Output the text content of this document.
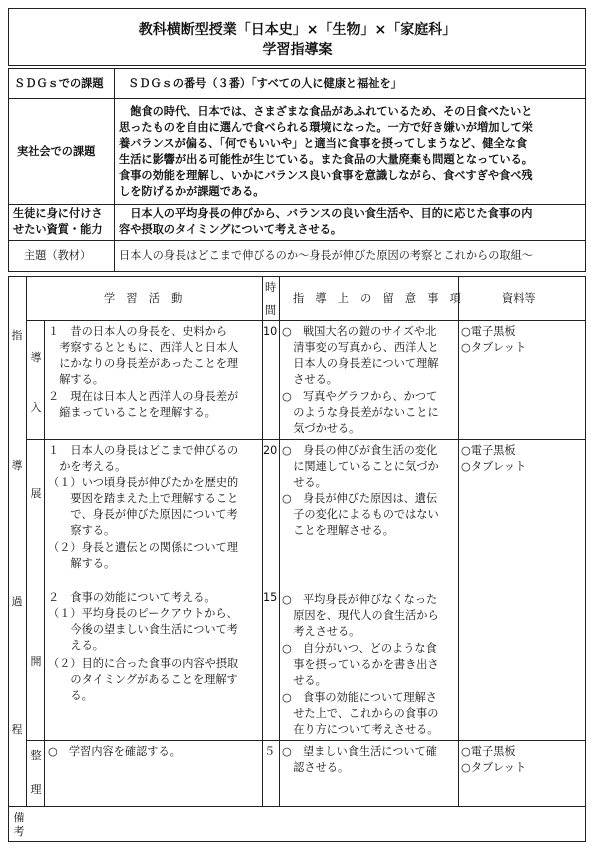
教科横断型授業「日本史」×「生物」×「家庭科」
学習指導案
ＳＤＧｓでの課題 ＳＤＧｓの番号（３番）「すべての人に健康と福祉を」
実社会での課題
　飽食の時代、日本では、さまざまな食品があふれているため、その日食べたいと
思ったものを自由に選んで食べられる環境になった。一方で好き嫌いが増加して栄
養バランスが偏る、「何でもいいや」と適当に食事を摂ってしまうなど、健全な食
生活に影響が出る可能性が生じている。また食品の大量廃棄も問題となっている。
食事の効能を理解し、いかにバランス良い食事を意識しながら、食べすぎや食べ残
しを防げるかが課題である。
生徒に身に付けさ
せたい資質・能力
　日本人の平均身長の伸びから、バランスの良い食生活や、目的に応じた食事の内
容や摂取のタイミングについて考えさせる。
主題（教材） 日本人の身長はどこまで伸びるのか～身長が伸びた原因の考察とこれからの取組～
学　習　活　動
時
間
指　導　上　の　留　意　事　項	資料等
指
導
過
程
導
入
10
１　昔の日本人の身長を、史料から
　考察するとともに、西洋人と日本人
　にかなりの身長差があったことを理
　解する。
２　現在は日本人と西洋人の身長差が
　縮まっていることを理解する。
○　戦国大名の鎧のサイズや北
　清事変の写真から、西洋人と
　日本人の身長差について理解
　させる。
○　写真やグラフから、かつて
　のような身長差がないことに
　気づかせる。
○電子黒板
○タブレット
展
開
20
15
１　日本人の身長はどこまで伸びるの
　かを考える。
（１）いつ頃身長が伸びたかを歴史的
　　要因を踏まえた上で理解すること
　　で、身長が伸びた原因について考
　　察する。
（２）身長と遺伝との関係について理
　　解する。
２　食事の効能について考える。
（１）平均身長のピークアウトから、
　　今後の望ましい食生活について考
　　える。
（２）目的に合った食事の内容や摂取
　　のタイミングがあることを理解す
　　る。
○　身長の伸びが食生活の変化
　に関連していることに気づか
　せる。
○　身長が伸びた原因は、遺伝
　子の変化によるものではない
　ことを理解させる。
○　平均身長が伸びなくなった
　原因を、現代人の食生活から
　考えさせる。
○　自分がいつ、どのような食
　事を摂っているかを書き出さ
　せる。
○　食事の効能について理解さ
　せた上で、これからの食事の
　在り方について考えさせる。
○電子黒板
○タブレット
整
理
５
○　学習内容を確認する。	○　望ましい食生活について確
　認させる。
○電子黒板
○タブレット
備
考
